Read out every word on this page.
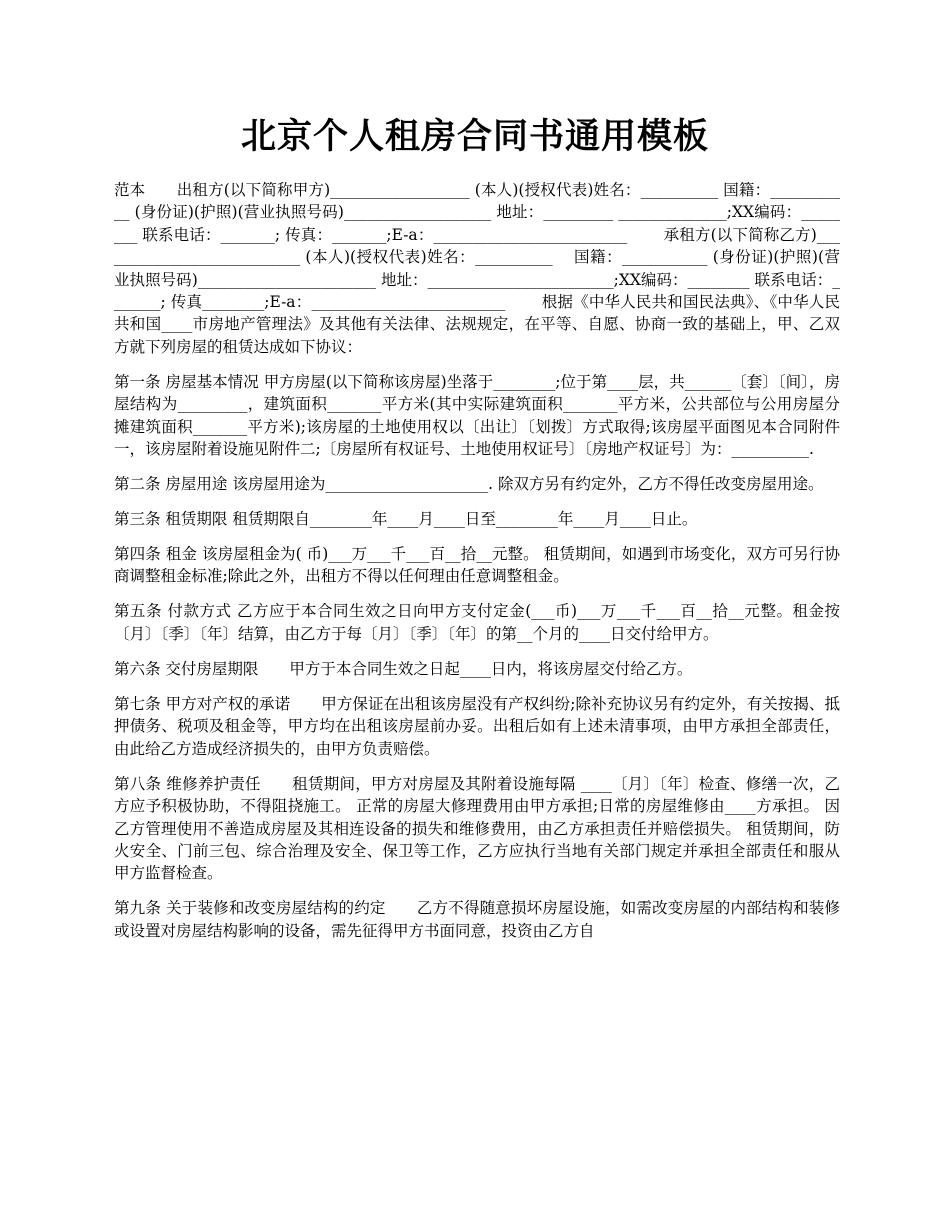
北京个人租房合同书通用模板

范本　　出租方(以下简称甲方)__________________ (本人)(授权代表)姓名：__________ 国籍：___________ (身份证)(护照)(营业执照号码)___________________ 地址：_________ ______________;XX编码：________ 联系电话：_______; 传真：_______;E-a：_________________________ 　　承租方(以下简称乙方)___________________________ (本人)(授权代表)姓名：__________ 　国籍：___________ (身份证)(护照)(营业执照号码)_______________________ 地址：________________________;XX编码：________ 联系电话：_______; 传真________;E-a：_________________________ 　　根据《中华人民共和国民法典》、《中华人民共和国____市房地产管理法》及其他有关法律、法规规定，在平等、自愿、协商一致的基础上，甲、乙双方就下列房屋的租赁达成如下协议：

第一条 房屋基本情况 甲方房屋(以下简称该房屋)坐落于________;位于第____层，共______〔套〕〔间〕，房屋结构为_________，建筑面积_______平方米(其中实际建筑面积_______平方米，公共部位与公用房屋分摊建筑面积_______平方米);该房屋的土地使用权以〔出让〕〔划拨〕方式取得;该房屋平面图见本合同附件一，该房屋附着设施见附件二;〔房屋所有权证号、土地使用权证号〕〔房地产权证号〕为：__________.

第二条 房屋用途 该房屋用途为_____________________. 除双方另有约定外，乙方不得任改变房屋用途。

第三条 租赁期限 租赁期限自________年____月____日至________年____月____日止。

第四条 租金 该房屋租金为( 币)___万___千___百__拾__元整。 租赁期间，如遇到市场变化，双方可另行协商调整租金标准;除此之外，出租方不得以任何理由任意调整租金。

第五条 付款方式 乙方应于本合同生效之日向甲方支付定金(___币)___万___千___百__拾__元整。租金按〔月〕〔季〕〔年〕结算，由乙方于每〔月〕〔季〕〔年〕的第__个月的____日交付给甲方。

第六条 交付房屋期限　　甲方于本合同生效之日起____日内，将该房屋交付给乙方。

第七条 甲方对产权的承诺　　甲方保证在出租该房屋没有产权纠纷;除补充协议另有约定外，有关按揭、抵押债务、税项及租金等，甲方均在出租该房屋前办妥。出租后如有上述未清事项，由甲方承担全部责任，由此给乙方造成经济损失的，由甲方负责赔偿。

第八条 维修养护责任　　租赁期间，甲方对房屋及其附着设施每隔 ____〔月〕〔年〕检查、修缮一次，乙方应予积极协助，不得阻挠施工。 正常的房屋大修理费用由甲方承担;日常的房屋维修由____方承担。 因乙方管理使用不善造成房屋及其相连设备的损失和维修费用，由乙方承担责任并赔偿损失。 租赁期间，防火安全、门前三包、综合治理及安全、保卫等工作，乙方应执行当地有关部门规定并承担全部责任和服从甲方监督检查。

第九条 关于装修和改变房屋结构的约定　　乙方不得随意损坏房屋设施，如需改变房屋的内部结构和装修或设置对房屋结构影响的设备，需先征得甲方书面同意，投资由乙方自
